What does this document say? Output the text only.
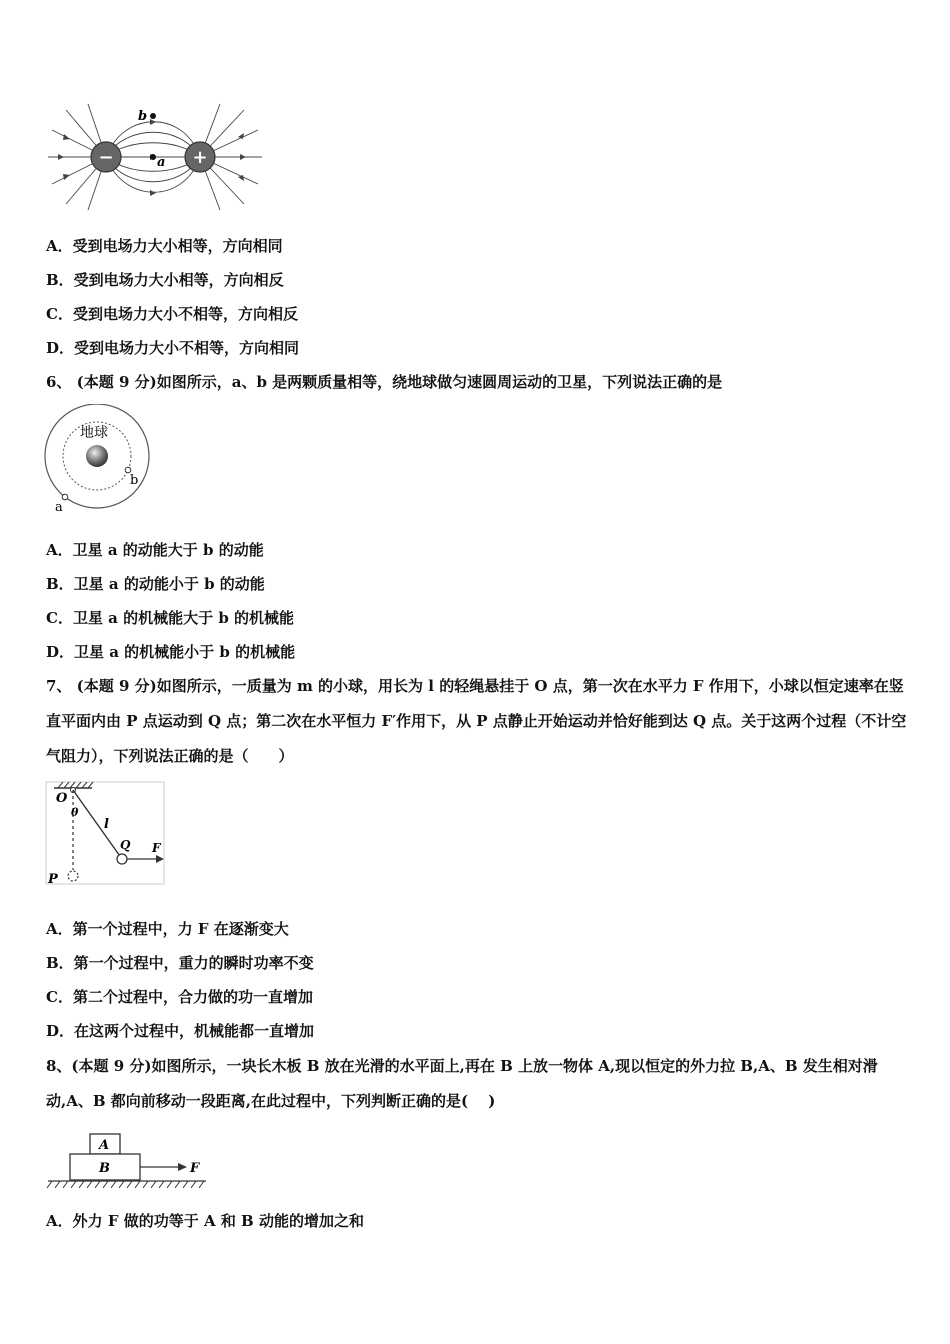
−	+
b
a
A．受到电场力大小相等，方向相同
B．受到电场力大小相等，方向相反
C．受到电场力大小不相等，方向相反
D．受到电场力大小不相等，方向相同
6、 (本题 9 分)如图所示，a、b 是两颗质量相等，绕地球做匀速圆周运动的卫星，下列说法正确的是
地球
b
a
A．卫星 a 的动能大于 b 的动能
B．卫星 a 的动能小于 b 的动能
C．卫星 a 的机械能大于 b 的机械能
D．卫星 a 的机械能小于 b 的机械能
7、 (本题 9 分)如图所示，一质量为 m 的小球，用长为 l 的轻绳悬挂于 O 点，第一次在水平力 F 作用下，小球以恒定速率在竖直平面内由 P 点运动到 Q 点；第二次在水平恒力 F′作用下，从 P 点静止开始运动并恰好能到达 Q 点。关于这两个过程（不计空气阻力），下列说法正确的是（　　）
O
θ
l
Q F
P
A．第一个过程中，力 F 在逐渐变大
B．第一个过程中，重力的瞬时功率不变
C．第二个过程中，合力做的功一直增加
D．在这两个过程中，机械能都一直增加
8、(本题 9 分)如图所示，一块长木板 B 放在光滑的水平面上,再在 B 上放一物体 A,现以恒定的外力拉 B,A、B 发生相对滑动,A、B 都向前移动一段距离,在此过程中，下列判断正确的是(　 )
A
B	F
A．外力 F 做的功等于 A 和 B 动能的增加之和
